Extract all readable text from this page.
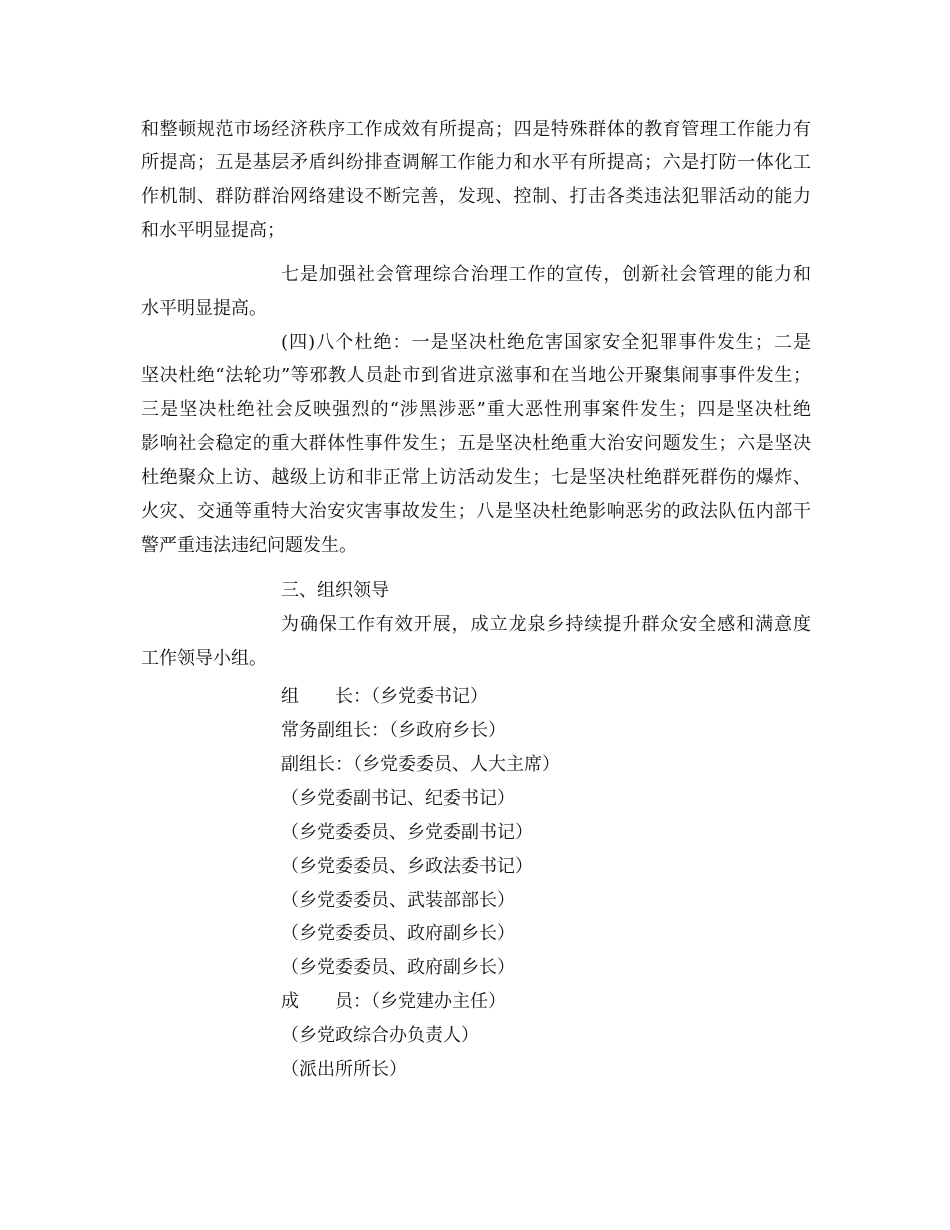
和整顿规范市场经济秩序工作成效有所提高；四是特殊群体的教育管理工作能力有
所提高；五是基层矛盾纠纷排查调解工作能力和水平有所提高；六是打防一体化工
作机制、群防群治网络建设不断完善，发现、控制、打击各类违法犯罪活动的能力
和水平明显提高；
七是加强社会管理综合治理工作的宣传，创新社会管理的能力和
水平明显提高。
(四)八个杜绝：一是坚决杜绝危害国家安全犯罪事件发生；二是
坚决杜绝“法轮功”等邪教人员赴市到省进京滋事和在当地公开聚集闹事事件发生；
三是坚决杜绝社会反映强烈的“涉黑涉恶”重大恶性刑事案件发生；四是坚决杜绝
影响社会稳定的重大群体性事件发生；五是坚决杜绝重大治安问题发生；六是坚决
杜绝聚众上访、越级上访和非正常上访活动发生；七是坚决杜绝群死群伤的爆炸、
火灾、交通等重特大治安灾害事故发生；八是坚决杜绝影响恶劣的政法队伍内部干
警严重违法违纪问题发生。
三、组织领导
为确保工作有效开展，成立龙泉乡持续提升群众安全感和满意度
工作领导小组。
组　　长：（乡党委书记）
常务副组长：（乡政府乡长）
副组长：（乡党委委员、人大主席）
（乡党委副书记、纪委书记）
（乡党委委员、乡党委副书记）
（乡党委委员、乡政法委书记）
（乡党委委员、武装部部长）
（乡党委委员、政府副乡长）
（乡党委委员、政府副乡长）
成　　员：（乡党建办主任）
（乡党政综合办负责人）
（派出所所长）
